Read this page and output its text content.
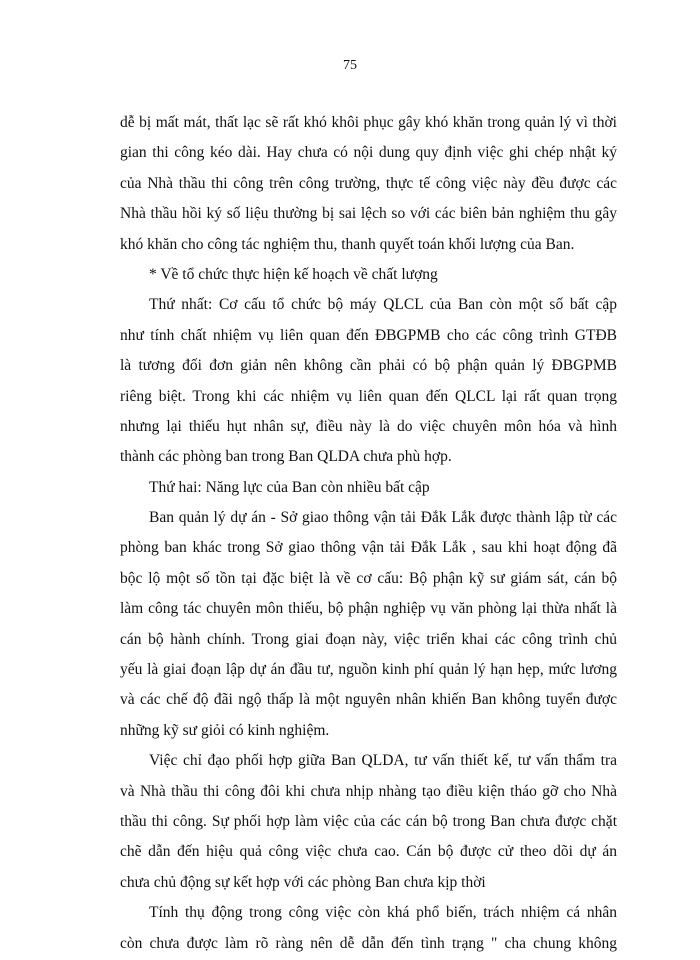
75
dễ bị mất mát, thất lạc sẽ rất khó khôi phục gây khó khăn trong quản lý vì thời
gian thi công kéo dài. Hay chưa có nội dung quy định việc ghi chép nhật ký
của Nhà thầu thi công trên công trường, thực tế công việc này đều được các
Nhà thầu hồi ký số liệu thường bị sai lệch so với các biên bản nghiệm thu gây
khó khăn cho công tác nghiệm thu, thanh quyết toán khối lượng của Ban.
* Về tổ chức thực hiện kế hoạch về chất lượng
Thứ nhất: Cơ cấu tổ chức bộ máy QLCL của Ban còn một số bất cập
như tính chất nhiệm vụ liên quan đến ĐBGPMB cho các công trình GTĐB
là tương đối đơn giản nên không cần phải có bộ phận quản lý ĐBGPMB
riêng biệt. Trong khi các nhiệm vụ liên quan đến QLCL lại rất quan trọng
nhưng lại thiếu hụt nhân sự, điều này là do việc chuyên môn hóa và hình
thành các phòng ban trong Ban QLDA chưa phù hợp.
Thứ hai: Năng lực của Ban còn nhiều bất cập
Ban quản lý dự án - Sở giao thông vận tải Đắk Lắk được thành lập từ các
phòng ban khác trong Sở giao thông vận tải Đắk Lắk , sau khi hoạt động đã
bộc lộ một số tồn tại đặc biệt là về cơ cấu: Bộ phận kỹ sư giám sát, cán bộ
làm công tác chuyên môn thiếu, bộ phận nghiệp vụ văn phòng lại thừa nhất là
cán bộ hành chính. Trong giai đoạn này, việc triển khai các công trình chủ
yếu là giai đoạn lập dự án đầu tư, nguồn kinh phí quản lý hạn hẹp, mức lương
và các chế độ đãi ngộ thấp là một nguyên nhân khiến Ban không tuyển được
những kỹ sư giỏi có kinh nghiệm.
Việc chỉ đạo phối hợp giữa Ban QLDA, tư vấn thiết kế, tư vấn thẩm tra
và Nhà thầu thi công đôi khi chưa nhịp nhàng tạo điều kiện tháo gỡ cho Nhà
thầu thi công. Sự phối hợp làm việc của các cán bộ trong Ban chưa được chặt
chẽ dẫn đến hiệu quả công việc chưa cao. Cán bộ được cử theo dõi dự án
chưa chủ động sự kết hợp với các phòng Ban chưa kịp thời
Tính thụ động trong công việc còn khá phổ biến, trách nhiệm cá nhân
còn chưa được làm rõ ràng nên dễ dẫn đến tình trạng " cha chung không
